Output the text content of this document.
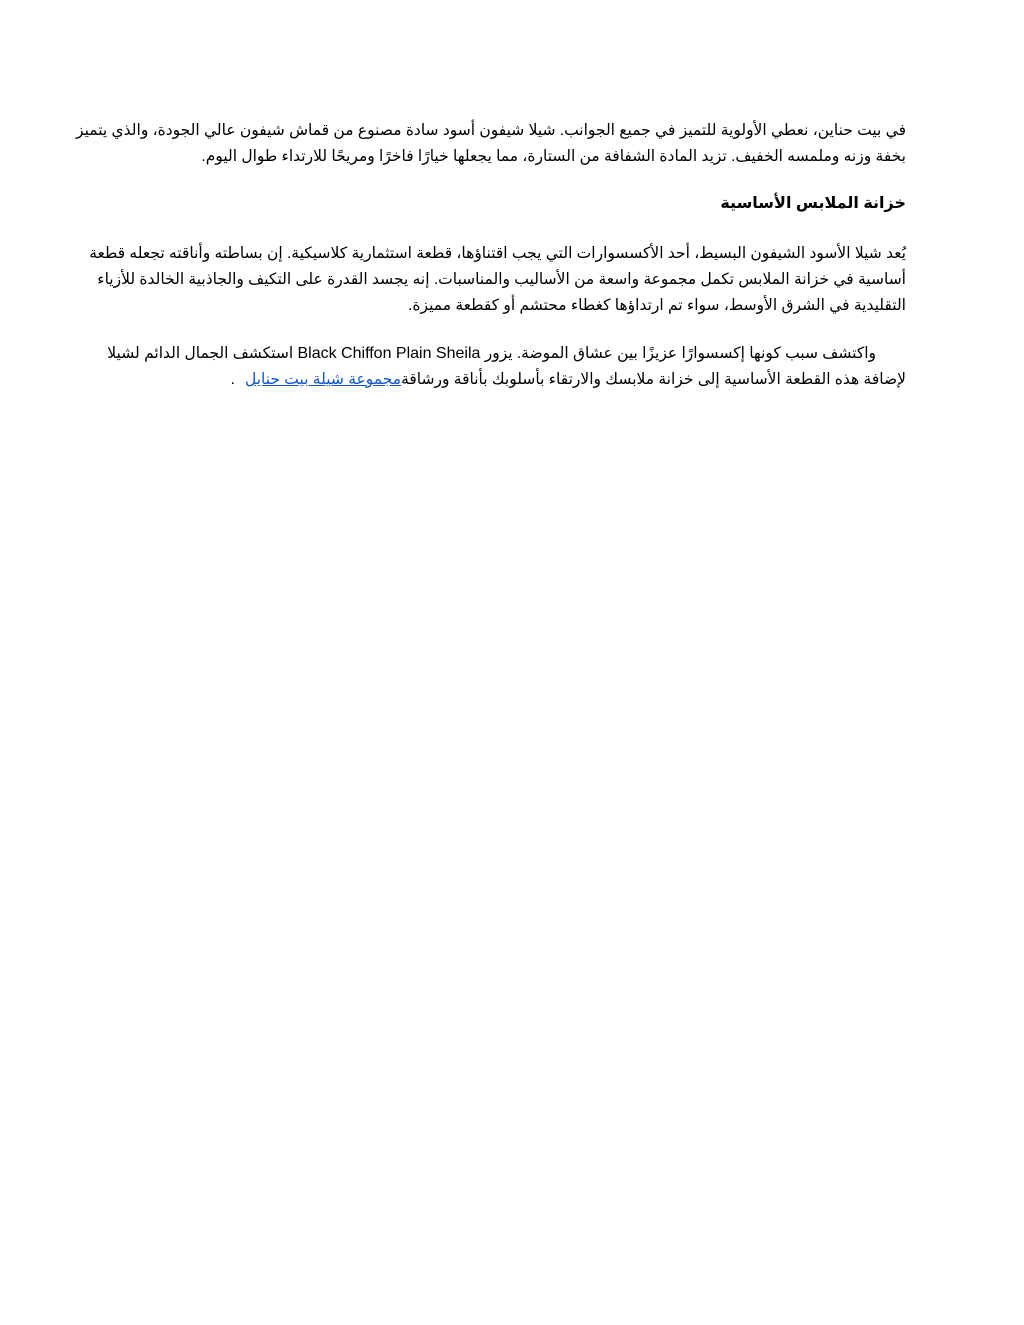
في بيت حناين، نعطي الأولوية للتميز في جميع الجوانب. شيلا شيفون أسود سادة مصنوع من قماش شيفون عالي الجودة، والذي يتميز
بخفة وزنه وملمسه الخفيف. تزيد المادة الشفافة من الستارة، مما يجعلها خيارًا فاخرًا ومريحًا للارتداء طوال اليوم.

خزانة الملابس الأساسية

يُعد شيلا الأسود الشيفون البسيط، أحد الأكسسوارات التي يجب اقتناؤها، قطعة استثمارية كلاسيكية. إن بساطته وأناقته تجعله قطعة
أساسية في خزانة الملابس تكمل مجموعة واسعة من الأساليب والمناسبات. إنه يجسد القدرة على التكيف والجاذبية الخالدة للأزياء
التقليدية في الشرق الأوسط، سواء تم ارتداؤها كغطاء محتشم أو كقطعة مميزة.

واكتشف سبب كونها إكسسوارًا عزيزًا بين عشاق الموضة. يزور Black Chiffon Plain Sheila استكشف الجمال الدائم لشيلا
لإضافة هذه القطعة الأساسية إلى خزانة ملابسك والارتقاء بأسلوبك بأناقة ورشاقةمجموعة شيلة بيت حنايل.
